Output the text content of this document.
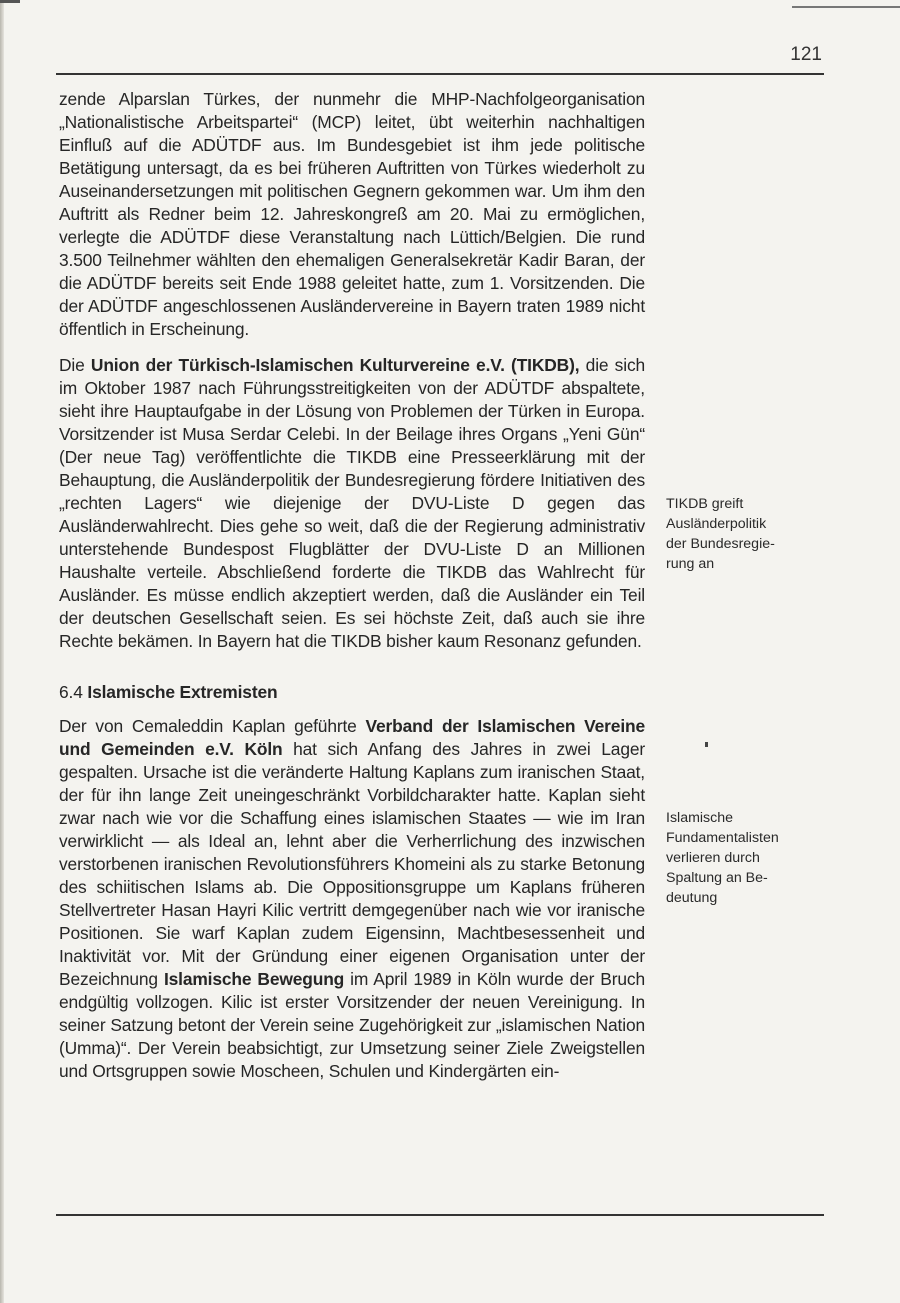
121

zende Alparslan Türkes, der nunmehr die MHP-Nachfolgeorganisation „Nationalistische Arbeitspartei“ (MCP) leitet, übt weiterhin nachhaltigen Einfluß auf die ADÜTDF aus. Im Bundesgebiet ist ihm jede politische Betätigung untersagt, da es bei früheren Auftritten von Türkes wiederholt zu Auseinandersetzungen mit politischen Gegnern gekommen war. Um ihm den Auftritt als Redner beim 12. Jahreskongreß am 20. Mai zu ermöglichen, verlegte die ADÜTDF diese Veranstaltung nach Lüttich/Belgien. Die rund 3.500 Teilnehmer wählten den ehemaligen Generalsekretär Kadir Baran, der die ADÜTDF bereits seit Ende 1988 geleitet hatte, zum 1. Vorsitzenden. Die der ADÜTDF angeschlossenen Ausländervereine in Bayern traten 1989 nicht öffentlich in Erscheinung.

Die Union der Türkisch-Islamischen Kulturvereine e.V. (TIKDB), die sich im Oktober 1987 nach Führungsstreitigkeiten von der ADÜTDF abspaltete, sieht ihre Hauptaufgabe in der Lösung von Problemen der Türken in Europa. Vorsitzender ist Musa Serdar Celebi. In der Beilage ihres Organs „Yeni Gün“ (Der neue Tag) veröffentlichte die TIKDB eine Presseerklärung mit der Behauptung, die Ausländerpolitik der Bundesregierung fördere Initiativen des „rechten Lagers“ wie diejenige der DVU-Liste D gegen das Ausländerwahlrecht. Dies gehe so weit, daß die der Regierung administrativ unterstehende Bundespost Flugblätter der DVU-Liste D an Millionen Haushalte verteile. Abschließend forderte die TIKDB das Wahlrecht für Ausländer. Es müsse endlich akzeptiert werden, daß die Ausländer ein Teil der deutschen Gesellschaft seien. Es sei höchste Zeit, daß auch sie ihre Rechte bekämen. In Bayern hat die TIKDB bisher kaum Resonanz gefunden.

6.4 Islamische Extremisten

Der von Cemaleddin Kaplan geführte Verband der Islamischen Vereine und Gemeinden e.V. Köln hat sich Anfang des Jahres in zwei Lager gespalten. Ursache ist die veränderte Haltung Kaplans zum iranischen Staat, der für ihn lange Zeit uneingeschränkt Vorbildcharakter hatte. Kaplan sieht zwar nach wie vor die Schaffung eines islamischen Staates — wie im Iran verwirklicht — als Ideal an, lehnt aber die Verherrlichung des inzwischen verstorbenen iranischen Revolutionsführers Khomeini als zu starke Betonung des schiitischen Islams ab. Die Oppositionsgruppe um Kaplans früheren Stellvertreter Hasan Hayri Kilic vertritt demgegenüber nach wie vor iranische Positionen. Sie warf Kaplan zudem Eigensinn, Machtbesessenheit und Inaktivität vor. Mit der Gründung einer eigenen Organisation unter der Bezeichnung Islamische Bewegung im April 1989 in Köln wurde der Bruch endgültig vollzogen. Kilic ist erster Vorsitzender der neuen Vereinigung. In seiner Satzung betont der Verein seine Zugehörigkeit zur „islamischen Nation (Umma)“. Der Verein beabsichtigt, zur Umsetzung seiner Ziele Zweigstellen und Ortsgruppen sowie Moscheen, Schulen und Kindergärten ein-

TIKDB greift
Ausländerpolitik
der Bundesregie-
rung an
Islamische
Fundamentalisten
verlieren durch
Spaltung an Be-
deutung
